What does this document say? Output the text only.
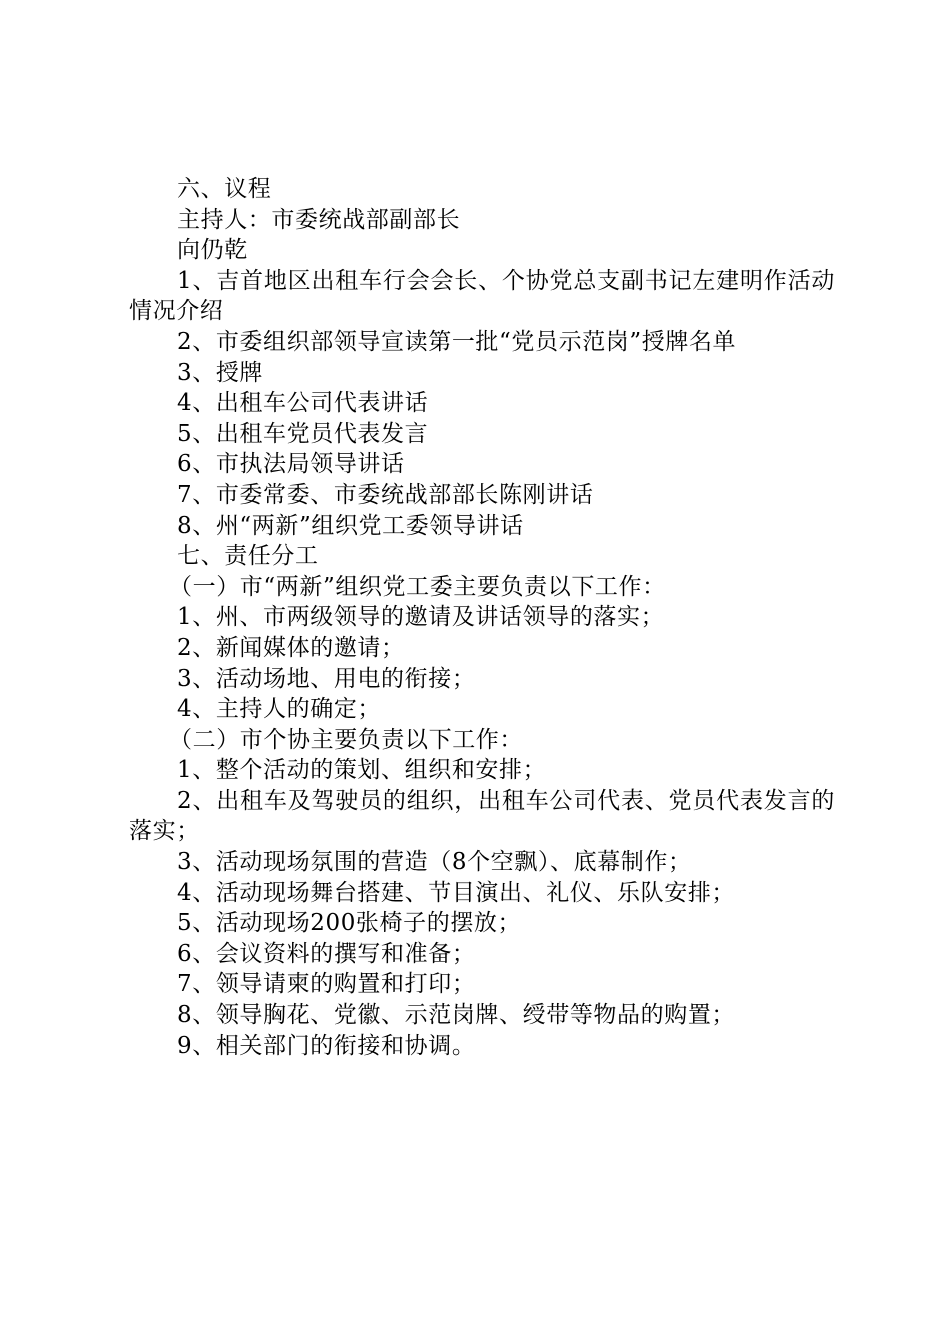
六、议程

主持人：市委统战部副部长

向仍乾

1、吉首地区出租车行会会长、个协党总支副书记左建明作活动情况介绍

2、市委组织部领导宣读第一批“党员示范岗”授牌名单

3、授牌

4、出租车公司代表讲话

5、出租车党员代表发言

6、市执法局领导讲话

7、市委常委、市委统战部部长陈刚讲话

8、州“两新”组织党工委领导讲话

七、责任分工

（一）市“两新”组织党工委主要负责以下工作：

1、州、市两级领导的邀请及讲话领导的落实；

2、新闻媒体的邀请；

3、活动场地、用电的衔接；

4、主持人的确定；

（二）市个协主要负责以下工作：

1、整个活动的策划、组织和安排；

2、出租车及驾驶员的组织，出租车公司代表、党员代表发言的落实；

3、活动现场氛围的营造（8个空飘）、底幕制作；

4、活动现场舞台搭建、节目演出、礼仪、乐队安排；

5、活动现场200张椅子的摆放；

6、会议资料的撰写和准备；

7、领导请柬的购置和打印；

8、领导胸花、党徽、示范岗牌、绶带等物品的购置；

9、相关部门的衔接和协调。
